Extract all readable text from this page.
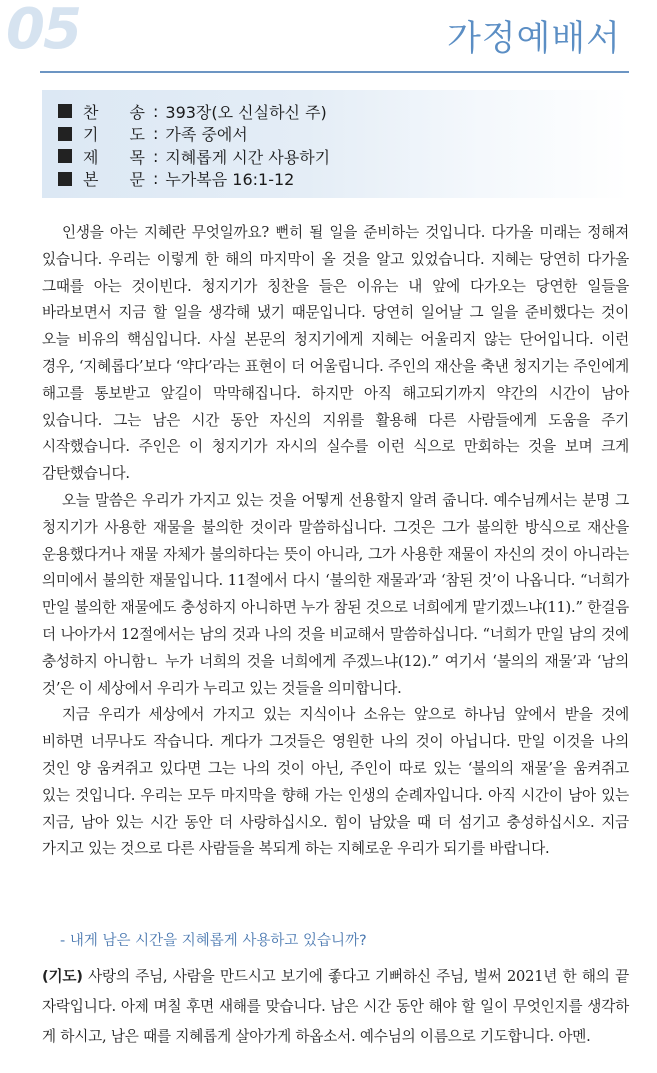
05	가정예배서
찬 송 : 393장(오 신실하신 주)
기 도 : 가족 중에서
제 목 : 지혜롭게 시간 사용하기
본 문 : 누가복음 16:1-12

인생을 아는 지혜란 무엇일까요? 뻔히 될 일을 준비하는 것입니다. 다가올 미래는 정해져 있습니다. 우리는 이렇게 한 해의 마지막이 올 것을 알고 있었습니다. 지혜는 당연히 다가올 그때를 아는 것이빈다. 청지기가 칭찬을 들은 이유는 내 앞에 다가오는 당연한 일들을 바라보면서 지금 할 일을 생각해 냈기 때문입니다. 당연히 일어날 그 일을 준비했다는 것이 오늘 비유의 핵심입니다. 사실 본문의 청지기에게 지혜는 어울리지 않는 단어입니다. 이런 경우, ‘지혜롭다’보다 ‘약다’라는 표현이 더 어울립니다. 주인의 재산을 축낸 청지기는 주인에게 해고를 통보받고 앞길이 막막해집니다. 하지만 아직 해고되기까지 약간의 시간이 남아 있습니다. 그는 남은 시간 동안 자신의 지위를 활용해 다른 사람들에게 도움을 주기 시작했습니다. 주인은 이 청지기가 자시의 실수를 이런 식으로 만회하는 것을 보며 크게 감탄했습니다.

오늘 말씀은 우리가 가지고 있는 것을 어떻게 선용할지 알려 줍니다. 예수님께서는 분명 그 청지기가 사용한 재물을 불의한 것이라 말씀하십니다. 그것은 그가 불의한 방식으로 재산을 운용했다거나 재물 자체가 불의하다는 뜻이 아니라, 그가 사용한 재물이 자신의 것이 아니라는 의미에서 불의한 재물입니다. 11절에서 다시 ‘불의한 재물과’과 ‘참된 것’이 나옵니다. “너희가 만일 불의한 재물에도 충성하지 아니하면 누가 참된 것으로 너희에게 맡기겠느냐(11).” 한걸음 더 나아가서 12절에서는 남의 것과 나의 것을 비교해서 말씀하십니다. “너희가 만일 남의 것에 충성하지 아니함ㄴ 누가 너희의 것을 너희에게 주겠느냐(12).” 여기서 ‘불의의 재물’과 ‘남의 것’은 이 세상에서 우리가 누리고 있는 것들을 의미합니다.

지금 우리가 세상에서 가지고 있는 지식이나 소유는 앞으로 하나님 앞에서 받을 것에 비하면 너무나도 작습니다. 게다가 그것들은 영원한 나의 것이 아닙니다. 만일 이것을 나의 것인 양 움켜쥐고 있다면 그는 나의 것이 아닌, 주인이 따로 있는 ‘불의의 재물’을 움켜쥐고 있는 것입니다. 우리는 모두 마지막을 향해 가는 인생의 순례자입니다. 아직 시간이 남아 있는 지금, 남아 있는 시간 동안 더 사랑하십시오. 힘이 남았을 때 더 섬기고 충성하십시오. 지금 가지고 있는 것으로 다른 사람들을 복되게 하는 지혜로운 우리가 되기를 바랍니다.

- 내게 남은 시간을 지혜롭게 사용하고 있습니까?

(기도) 사랑의 주님, 사람을 만드시고 보기에 좋다고 기뻐하신 주님, 벌써 2021년 한 해의 끝자락입니다. 아제 며칠 후면 새해를 맞습니다. 남은 시간 동안 해야 할 일이 무엇인지를 생각하게 하시고, 남은 때를 지혜롭게 살아가게 하옵소서. 예수님의 이름으로 기도합니다. 아멘.
